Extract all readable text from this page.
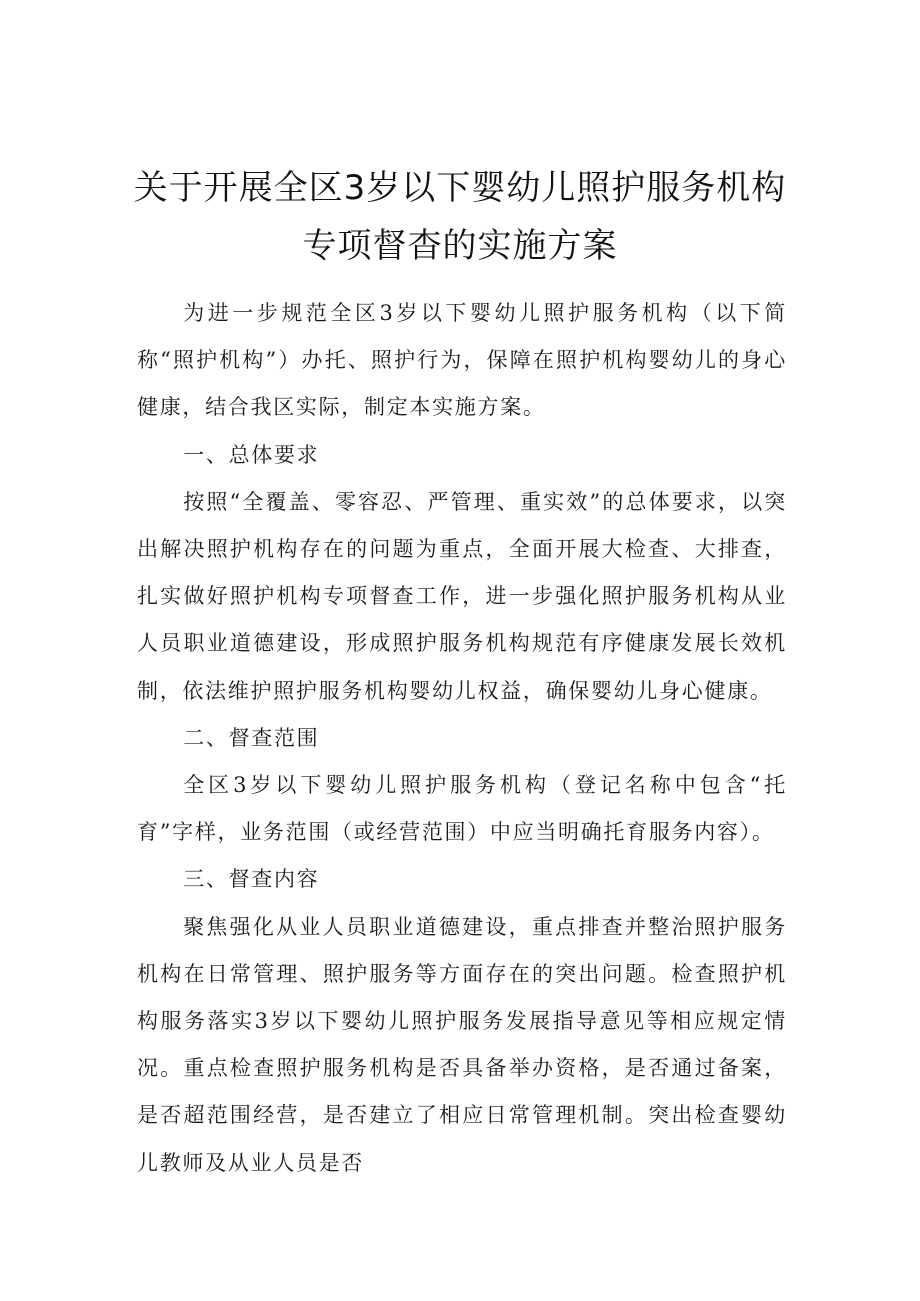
关于开展全区3岁以下婴幼儿照护服务机构
专项督杳的实施方案

为进一步规范全区3岁以下婴幼儿照护服务机构（以下简称“照护机构”）办托、照护行为，保障在照护机构婴幼儿的身心健康，结合我区实际，制定本实施方案。

一、总体要求

按照“全覆盖、零容忍、严管理、重实效”的总体要求，以突出解决照护机构存在的问题为重点，全面开展大检查、大排查，扎实做好照护机构专项督查工作，进一步强化照护服务机构从业人员职业道德建设，形成照护服务机构规范有序健康发展长效机制，依法维护照护服务机构婴幼儿权益，确保婴幼儿身心健康。

二、督查范围

全区3岁以下婴幼儿照护服务机构（登记名称中包含“托育”字样，业务范围（或经营范围）中应当明确托育服务内容）。

三、督查内容

聚焦强化从业人员职业道德建设，重点排查并整治照护服务机构在日常管理、照护服务等方面存在的突出问题。检查照护机构服务落实3岁以下婴幼儿照护服务发展指导意见等相应规定情况。重点检查照护服务机构是否具备举办资格，是否通过备案，是否超范围经营，是否建立了相应日常管理机制。突出检查婴幼儿教师及从业人员是否
